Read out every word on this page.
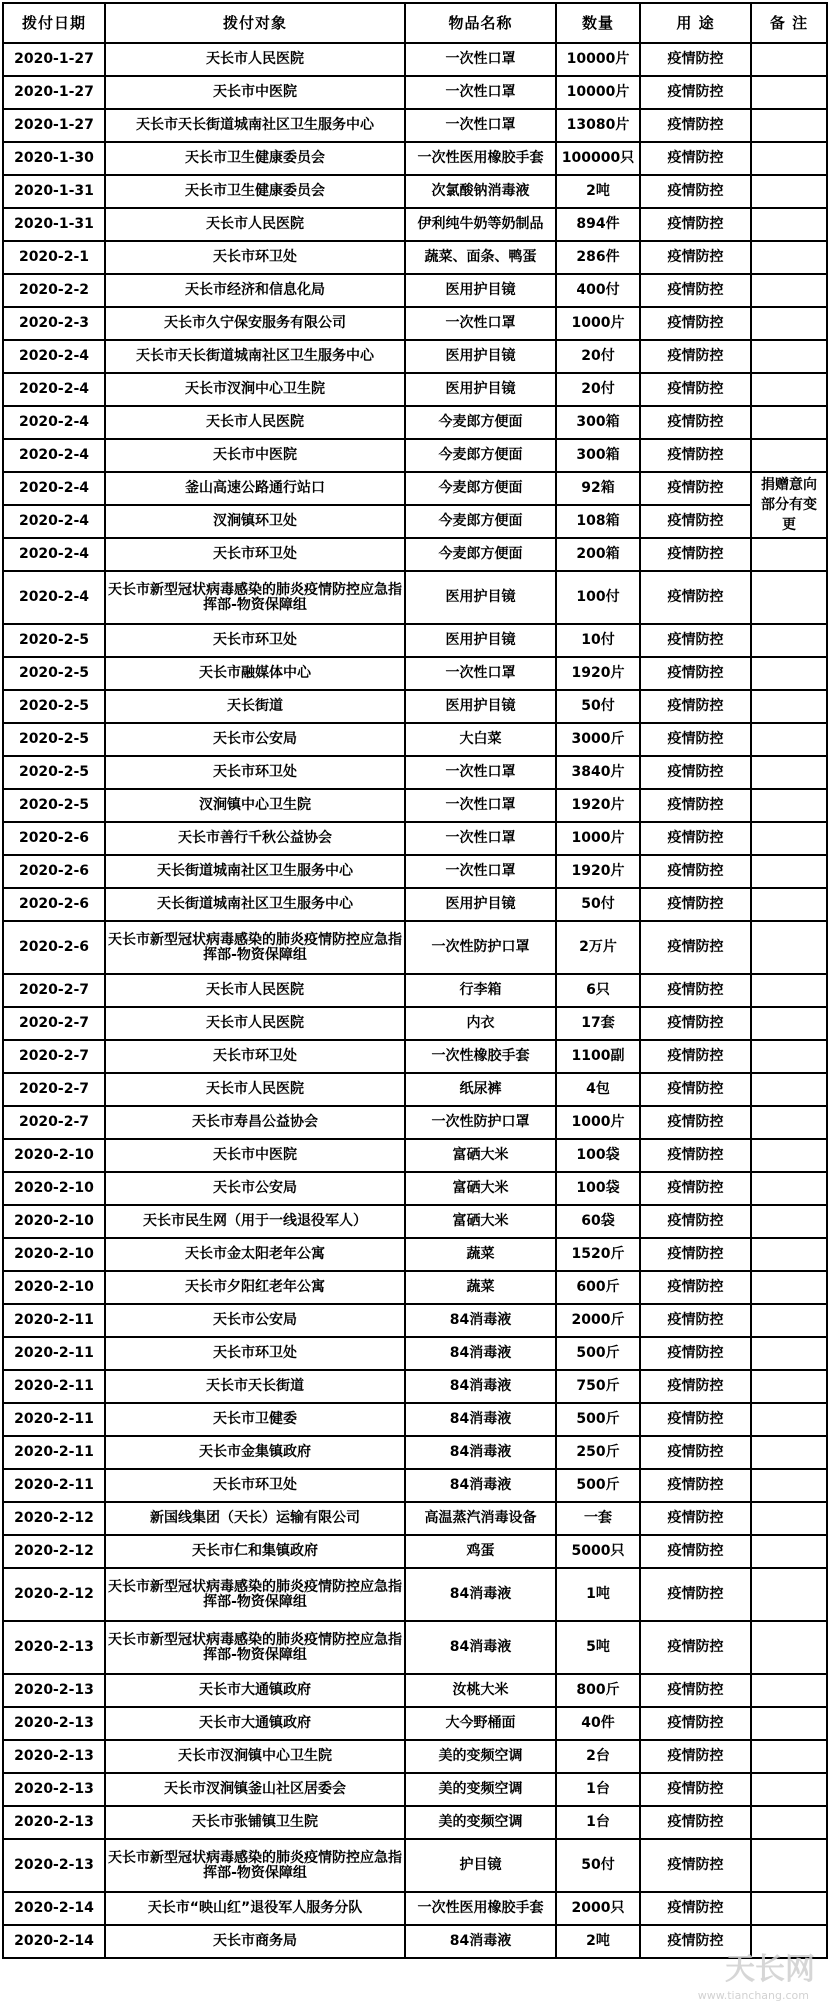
拨付日期	拨付对象	物品名称	数量	用 途	备 注
2020-1-27	天长市人民医院	一次性口罩	10000片	疫情防控	
2020-1-27	天长市中医院	一次性口罩	10000片	疫情防控	
2020-1-27	天长市天长街道城南社区卫生服务中心	一次性口罩	13080片	疫情防控	
2020-1-30	天长市卫生健康委员会	一次性医用橡胶手套	100000只	疫情防控	
2020-1-31	天长市卫生健康委员会	次氯酸钠消毒液	2吨	疫情防控	
2020-1-31	天长市人民医院	伊利纯牛奶等奶制品	894件	疫情防控	
2020-2-1	天长市环卫处	蔬菜、面条、鸭蛋	286件	疫情防控	
2020-2-2	天长市经济和信息化局	医用护目镜	400付	疫情防控	
2020-2-3	天长市久宁保安服务有限公司	一次性口罩	1000片	疫情防控	
2020-2-4	天长市天长街道城南社区卫生服务中心	医用护目镜	20付	疫情防控	
2020-2-4	天长市汊涧中心卫生院	医用护目镜	20付	疫情防控	
2020-2-4	天长市人民医院	今麦郎方便面	300箱	疫情防控	
2020-2-4	天长市中医院	今麦郎方便面	300箱	疫情防控	
2020-2-4	釜山高速公路通行站口	今麦郎方便面	92箱	疫情防控	捐赠意向部分有变更
2020-2-4	汊涧镇环卫处	今麦郎方便面	108箱	疫情防控	
2020-2-4	天长市环卫处	今麦郎方便面	200箱	疫情防控	
2020-2-4	天长市新型冠状病毒感染的肺炎疫情防控应急指挥部-物资保障组	医用护目镜	100付	疫情防控	
2020-2-5	天长市环卫处	医用护目镜	10付	疫情防控	
2020-2-5	天长市融媒体中心	一次性口罩	1920片	疫情防控	
2020-2-5	天长街道	医用护目镜	50付	疫情防控	
2020-2-5	天长市公安局	大白菜	3000斤	疫情防控	
2020-2-5	天长市环卫处	一次性口罩	3840片	疫情防控	
2020-2-5	汊涧镇中心卫生院	一次性口罩	1920片	疫情防控	
2020-2-6	天长市善行千秋公益协会	一次性口罩	1000片	疫情防控	
2020-2-6	天长街道城南社区卫生服务中心	一次性口罩	1920片	疫情防控	
2020-2-6	天长街道城南社区卫生服务中心	医用护目镜	50付	疫情防控	
2020-2-6	天长市新型冠状病毒感染的肺炎疫情防控应急指挥部-物资保障组	一次性防护口罩	2万片	疫情防控	
2020-2-7	天长市人民医院	行李箱	6只	疫情防控	
2020-2-7	天长市人民医院	内衣	17套	疫情防控	
2020-2-7	天长市环卫处	一次性橡胶手套	1100副	疫情防控	
2020-2-7	天长市人民医院	纸尿裤	4包	疫情防控	
2020-2-7	天长市寿昌公益协会	一次性防护口罩	1000片	疫情防控	
2020-2-10	天长市中医院	富硒大米	100袋	疫情防控	
2020-2-10	天长市公安局	富硒大米	100袋	疫情防控	
2020-2-10	天长市民生网（用于一线退役军人）	富硒大米	60袋	疫情防控	
2020-2-10	天长市金太阳老年公寓	蔬菜	1520斤	疫情防控	
2020-2-10	天长市夕阳红老年公寓	蔬菜	600斤	疫情防控	
2020-2-11	天长市公安局	84消毒液	2000斤	疫情防控	
2020-2-11	天长市环卫处	84消毒液	500斤	疫情防控	
2020-2-11	天长市天长街道	84消毒液	750斤	疫情防控	
2020-2-11	天长市卫健委	84消毒液	500斤	疫情防控	
2020-2-11	天长市金集镇政府	84消毒液	250斤	疫情防控	
2020-2-11	天长市环卫处	84消毒液	500斤	疫情防控	
2020-2-12	新国线集团（天长）运输有限公司	高温蒸汽消毒设备	一套	疫情防控	
2020-2-12	天长市仁和集镇政府	鸡蛋	5000只	疫情防控	
2020-2-12	天长市新型冠状病毒感染的肺炎疫情防控应急指挥部-物资保障组	84消毒液	1吨	疫情防控	
2020-2-13	天长市新型冠状病毒感染的肺炎疫情防控应急指挥部-物资保障组	84消毒液	5吨	疫情防控	
2020-2-13	天长市大通镇政府	汝桃大米	800斤	疫情防控	
2020-2-13	天长市大通镇政府	大今野桶面	40件	疫情防控	
2020-2-13	天长市汊涧镇中心卫生院	美的变频空调	2台	疫情防控	
2020-2-13	天长市汊涧镇釜山社区居委会	美的变频空调	1台	疫情防控	
2020-2-13	天长市张铺镇卫生院	美的变频空调	1台	疫情防控	
2020-2-13	天长市新型冠状病毒感染的肺炎疫情防控应急指挥部-物资保障组	护目镜	50付	疫情防控	
2020-2-14	天长市“映山红”退役军人服务分队	一次性医用橡胶手套	2000只	疫情防控	
2020-2-14	天长市商务局	84消毒液	2吨	疫情防控	
天长网
www.tianchang.com
